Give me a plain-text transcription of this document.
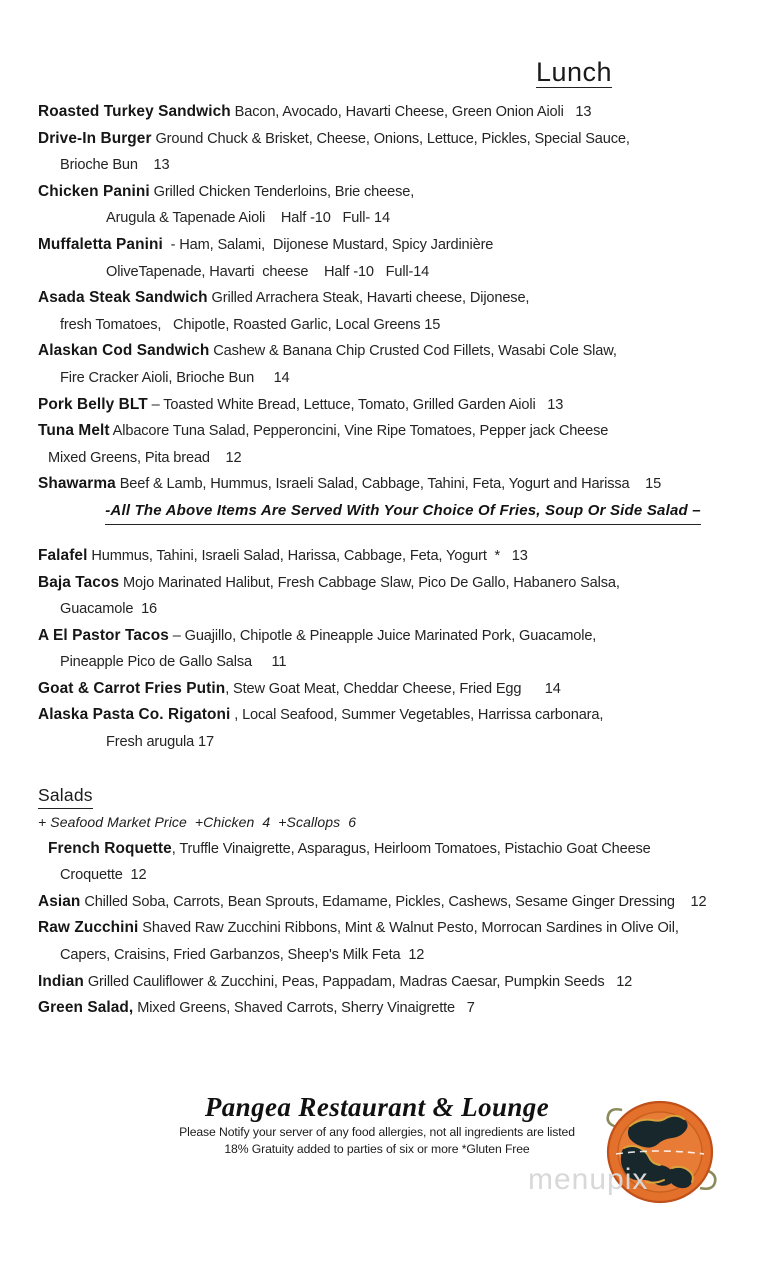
Lunch
Roasted Turkey Sandwich Bacon, Avocado, Havarti Cheese, Green Onion Aioli   13
Drive-In Burger Ground Chuck & Brisket, Cheese, Onions, Lettuce, Pickles, Special Sauce,
Brioche Bun    13
Chicken Panini Grilled Chicken Tenderloins, Brie cheese,
Arugula & Tapenade Aioli    Half -10   Full- 14
Muffaletta Panini  - Ham, Salami,  Dijonese Mustard, Spicy Jardinière
OliveTapenade, Havarti  cheese    Half -10   Full-14
Asada Steak Sandwich Grilled Arrachera Steak, Havarti cheese, Dijonese,
fresh Tomatoes,   Chipotle, Roasted Garlic, Local Greens 15
Alaskan Cod Sandwich Cashew & Banana Chip Crusted Cod Fillets, Wasabi Cole Slaw,
Fire Cracker Aioli, Brioche Bun     14
Pork Belly BLT – Toasted White Bread, Lettuce, Tomato, Grilled Garden Aioli   13
Tuna Melt Albacore Tuna Salad, Pepperoncini, Vine Ripe Tomatoes, Pepper jack Cheese
Mixed Greens, Pita bread    12
Shawarma Beef & Lamb, Hummus, Israeli Salad, Cabbage, Tahini, Feta, Yogurt and Harissa    15
-All The Above Items Are Served With Your Choice Of Fries, Soup Or Side Salad –
Falafel Hummus, Tahini, Israeli Salad, Harissa, Cabbage, Feta, Yogurt  *   13
Baja Tacos Mojo Marinated Halibut, Fresh Cabbage Slaw, Pico De Gallo, Habanero Salsa,
Guacamole  16
A El Pastor Tacos – Guajillo, Chipotle & Pineapple Juice Marinated Pork, Guacamole,
Pineapple Pico de Gallo Salsa     11
Goat & Carrot Fries Putin, Stew Goat Meat, Cheddar Cheese, Fried Egg      14
Alaska Pasta Co. Rigatoni , Local Seafood, Summer Vegetables, Harrissa carbonara,
Fresh arugula 17
Salads
+ Seafood Market Price  +Chicken  4  +Scallops  6
French Roquette, Truffle Vinaigrette, Asparagus, Heirloom Tomatoes, Pistachio Goat Cheese
Croquette  12
Asian Chilled Soba, Carrots, Bean Sprouts, Edamame, Pickles, Cashews, Sesame Ginger Dressing    12
Raw Zucchini Shaved Raw Zucchini Ribbons, Mint & Walnut Pesto, Morrocan Sardines in Olive Oil,
Capers, Craisins, Fried Garbanzos, Sheep's Milk Feta  12
Indian Grilled Cauliflower & Zucchini, Peas, Pappadam, Madras Caesar, Pumpkin Seeds   12
Green Salad, Mixed Greens, Shaved Carrots, Sherry Vinaigrette   7
Pangea Restaurant & Lounge
Please Notify your server of any food allergies, not all ingredients are listed
18% Gratuity added to parties of six or more *Gluten Free
menupix
